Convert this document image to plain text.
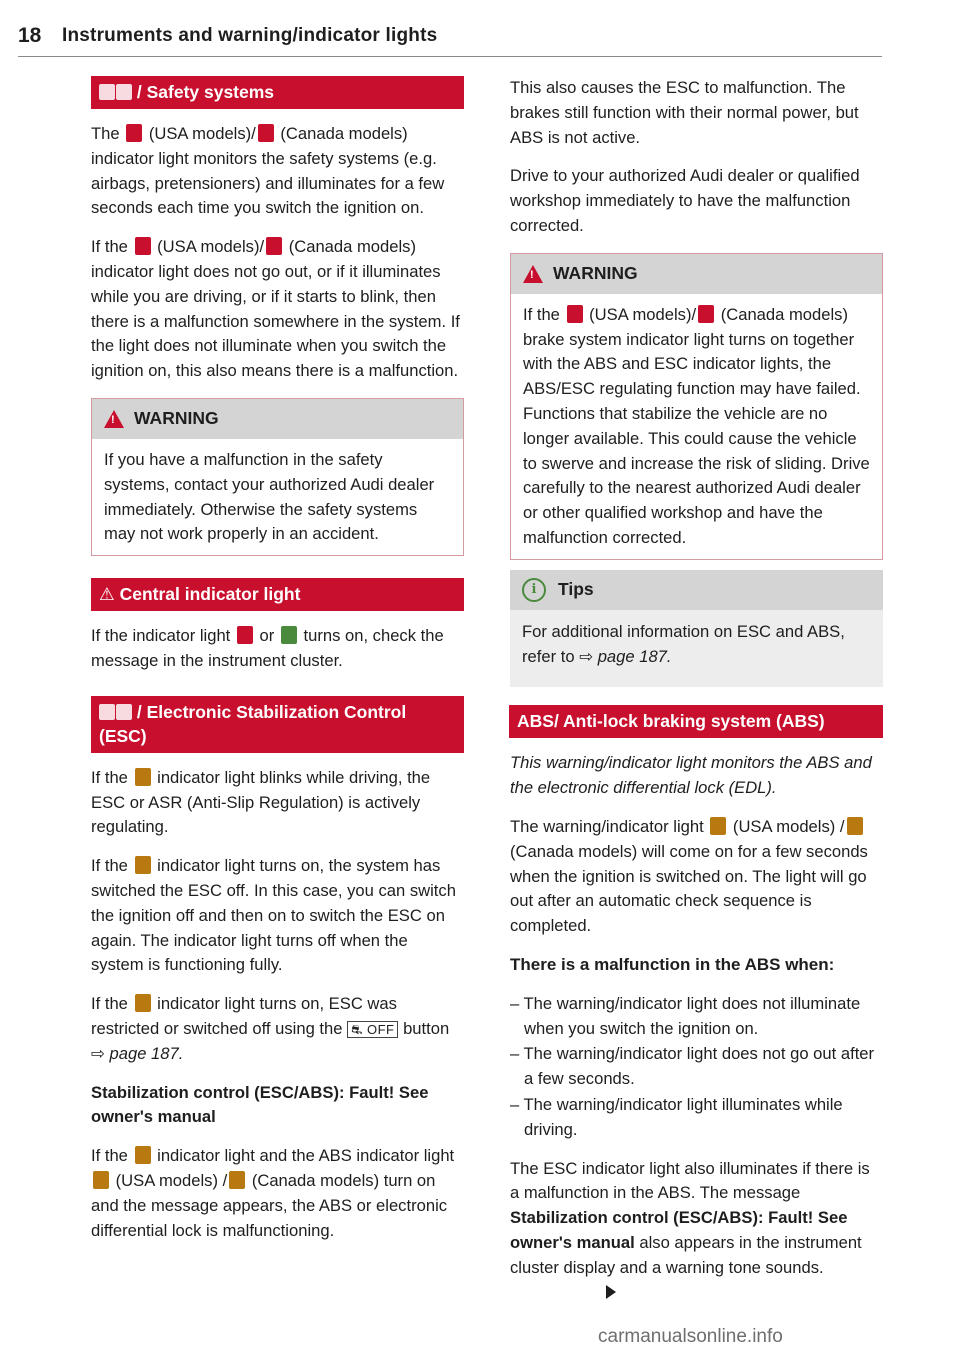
18 Instruments and warning/indicator lights
/ Safety systems

The  (USA models)/ (Canada models) indicator light monitors the safety systems (e.g. airbags, pretensioners) and illuminates for a few seconds each time you switch the ignition on.

If the  (USA models)/ (Canada models) indicator light does not go out, or if it illuminates while you are driving, or if it starts to blink, then there is a malfunction somewhere in the system. If the light does not illuminate when you switch the ignition on, this also means there is a malfunction.

! WARNING

If you have a malfunction in the safety systems, contact your authorized Audi dealer immediately. Otherwise the safety systems may not work properly in an accident.

⚠ Central indicator light

If the indicator light  or  turns on, check the message in the instrument cluster.

/ Electronic Stabilization Control (ESC)

If the  indicator light blinks while driving, the ESC or ASR (Anti-Slip Regulation) is actively regulating.

If the  indicator light turns on, the system has switched the ESC off. In this case, you can switch the ignition off and then on to switch the ESC on again. The indicator light turns off when the system is functioning fully.

If the  indicator light turns on, ESC was restricted or switched off using the ⛐ OFF button ⇨ page 187.

Stabilization control (ESC/ABS): Fault! See owner's manual

If the  indicator light and the ABS indicator light  (USA models) / (Canada models) turn on and the message appears, the ABS or electronic differential lock is malfunctioning.

This also causes the ESC to malfunction. The brakes still function with their normal power, but ABS is not active.

Drive to your authorized Audi dealer or qualified workshop immediately to have the malfunction corrected.

! WARNING

If the  (USA models)/ (Canada models) brake system indicator light turns on together with the ABS and ESC indicator lights, the ABS/ESC regulating function may have failed. Functions that stabilize the vehicle are no longer available. This could cause the vehicle to swerve and increase the risk of sliding. Drive carefully to the nearest authorized Audi dealer or other qualified workshop and have the malfunction corrected.

i	Tips

For additional information on ESC and ABS, refer to ⇨ page 187.

ABS/ Anti-lock braking system (ABS)

This warning/indicator light monitors the ABS and the electronic differential lock (EDL).

The warning/indicator light  (USA models) / (Canada models) will come on for a few seconds when the ignition is switched on. The light will go out after an automatic check sequence is completed.

There is a malfunction in the ABS when:

– The warning/indicator light does not illuminate when you switch the ignition on.
– The warning/indicator light does not go out after a few seconds.
– The warning/indicator light illuminates while driving.

The ESC indicator light also illuminates if there is a malfunction in the ABS. The message Stabilization control (ESC/ABS): Fault! See owner's manual also appears in the instrument cluster display and a warning tone sounds.

carmanualsonline.info
